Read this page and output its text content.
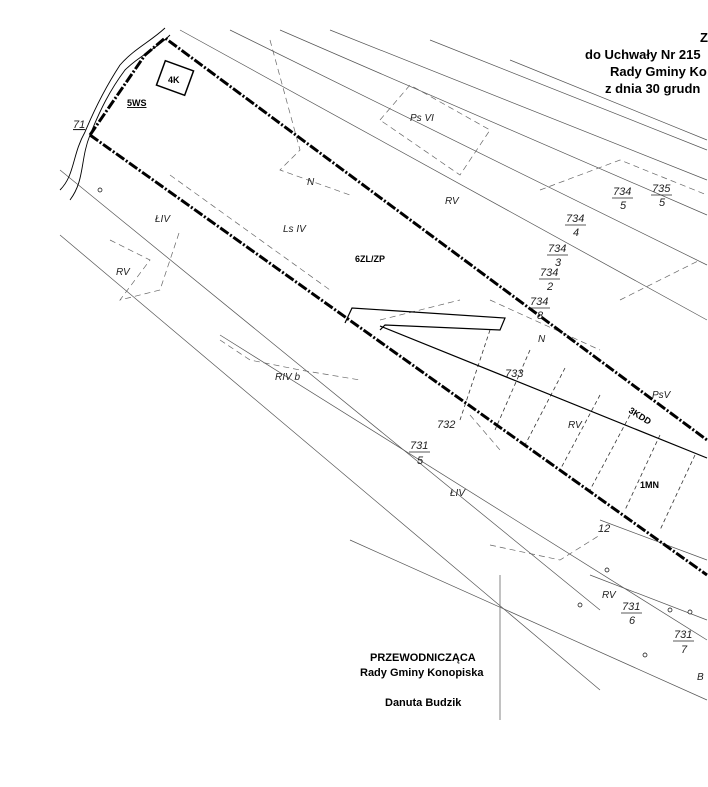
4K
5WS
6ZL/ZP
3KDD
1MN
71
733
732
12
734
5
735
5
734
4
734
3
734
2
734
8
731
5
731
6
731
7
Ps VI
RV
Ls IV
ŁIV
RV
RIV b
ŁIV
PsV
RV
RV
N
N
B
Z
do Uchwały Nr 215
Rady Gminy Ko
z dnia 30 grudn
PRZEWODNICZĄCA
Rady Gminy Konopiska
Danuta Budzik
